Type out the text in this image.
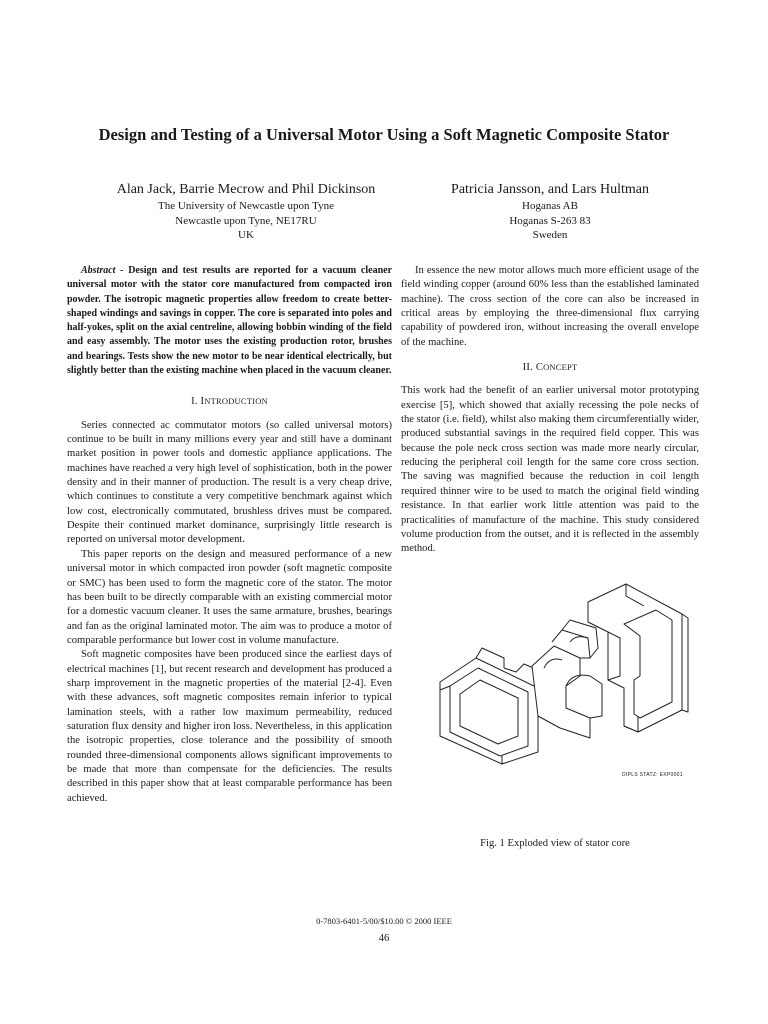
Design and Testing of a Universal Motor Using a Soft Magnetic Composite Stator
Alan Jack, Barrie Mecrow and Phil Dickinson
The University of Newcastle upon Tyne
Newcastle upon Tyne, NE17RU
UK
Patricia Jansson, and Lars Hultman
Hoganas AB
Hoganas S-263 83
Sweden

Abstract - Design and test results are reported for a vacuum cleaner universal motor with the stator core manufactured from compacted iron powder. The isotropic magnetic properties allow freedom to create better-shaped windings and savings in copper. The core is separated into poles and half-yokes, split on the axial centreline, allowing bobbin winding of the field and easy assembly. The motor uses the existing production rotor, brushes and bearings. Tests show the new motor to be near identical electrically, but slightly better than the existing machine when placed in the vacuum cleaner.

I. INTRODUCTION

Series connected ac commutator motors (so called universal motors) continue to be built in many millions every year and still have a dominant market position in power tools and domestic appliance applications. The machines have reached a very high level of sophistication, both in the power density and in their manner of production. The result is a very cheap drive, which continues to constitute a very competitive benchmark against which low cost, electronically commutated, brushless drives must be compared. Despite their continued market dominance, surprisingly little research is reported on universal motor development.

This paper reports on the design and measured performance of a new universal motor in which compacted iron powder (soft magnetic composite or SMC) has been used to form the magnetic core of the stator. The motor has been built to be directly comparable with an existing commercial motor for a domestic vacuum cleaner. It uses the same armature, brushes, bearings and fan as the original laminated motor. The aim was to produce a motor of comparable performance but lower cost in volume manufacture.

Soft magnetic composites have been produced since the earliest days of electrical machines [1], but recent research and development has produced a sharp improvement in the magnetic properties of the material [2-4]. Even with these advances, soft magnetic composites remain inferior to typical lamination steels, with a rather low maximum permeability, reduced saturation flux density and higher iron loss. Nevertheless, in this application the isotropic properties, close tolerance and the possibility of smooth rounded three-dimensional components allows significant improvements to be made that more than compensate for the deficiencies. The results described in this paper show that at least comparable performance has been achieved.

In essence the new motor allows much more efficient usage of the field winding copper (around 60% less than the established laminated machine). The cross section of the core can also be increased in critical areas by employing the three-dimensional flux carrying capability of powdered iron, without increasing the overall envelope of the machine.

II. CONCEPT

This work had the benefit of an earlier universal motor prototyping exercise [5], which showed that axially recessing the pole necks of the stator (i.e. field), whilst also making them circumferentially wider, produced substantial savings in the required field copper. This was because the pole neck cross section was made more nearly circular, reducing the peripheral coil length for the same core cross section. The saving was magnified because the reduction in coil length required thinner wire to be used to match the original field winding resistance. In that earlier work little attention was paid to the practicalities of manufacture of the machine. This study considered volume production from the outset, and it is reflected in the assembly method.

DIPLS STATZ: EXP0001
Fig. 1 Exploded view of stator core
0-7803-6401-5/00/$10.00 © 2000 IEEE
46
